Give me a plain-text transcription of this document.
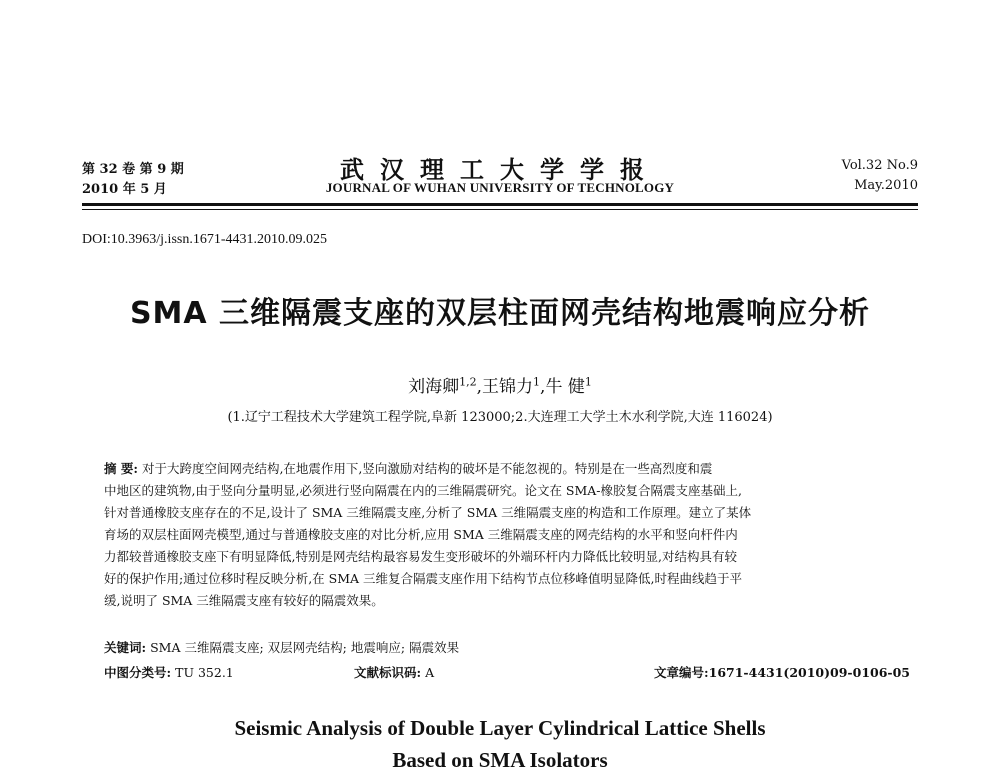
第 32 卷 第 9 期
2010 年 5 月
武汉理工大学学报
JOURNAL OF WUHAN UNIVERSITY OF TECHNOLOGY
Vol.32 No.9
May.2010
DOI:10.3963/j.issn.1671-4431.2010.09.025
SMA 三维隔震支座的双层柱面网壳结构地震响应分析
刘海卿$^{1,2}$,王锦力$^1$,牛 健$^1$
(1.辽宁工程技术大学建筑工程学院,阜新 123000;2.大连理工大学土木水利学院,大连 116024)
摘 要: 对于大跨度空间网壳结构,在地震作用下,竖向激励对结构的破坏是不能忽视的。特别是在一些高烈度和震
中地区的建筑物,由于竖向分量明显,必须进行竖向隔震在内的三维隔震研究。论文在 SMA-橡胶复合隔震支座基础上,
针对普通橡胶支座存在的不足,设计了 SMA 三维隔震支座,分析了 SMA 三维隔震支座的构造和工作原理。建立了某体
育场的双层柱面网壳模型,通过与普通橡胶支座的对比分析,应用 SMA 三维隔震支座的网壳结构的水平和竖向杆件内
力都较普通橡胶支座下有明显降低,特别是网壳结构最容易发生变形破坏的外端环杆内力降低比较明显,对结构具有较
好的保护作用;通过位移时程反映分析,在 SMA 三维复合隔震支座作用下结构节点位移峰值明显降低,时程曲线趋于平
缓,说明了 SMA 三维隔震支座有较好的隔震效果。
关键词: SMA 三维隔震支座; 双层网壳结构; 地震响应; 隔震效果
中图分类号: TU 352.1	文献标识码: A	文章编号:1671-4431(2010)09-0106-05
Seismic Analysis of Double Layer Cylindrical Lattice Shells
Based on SMA Isolators
